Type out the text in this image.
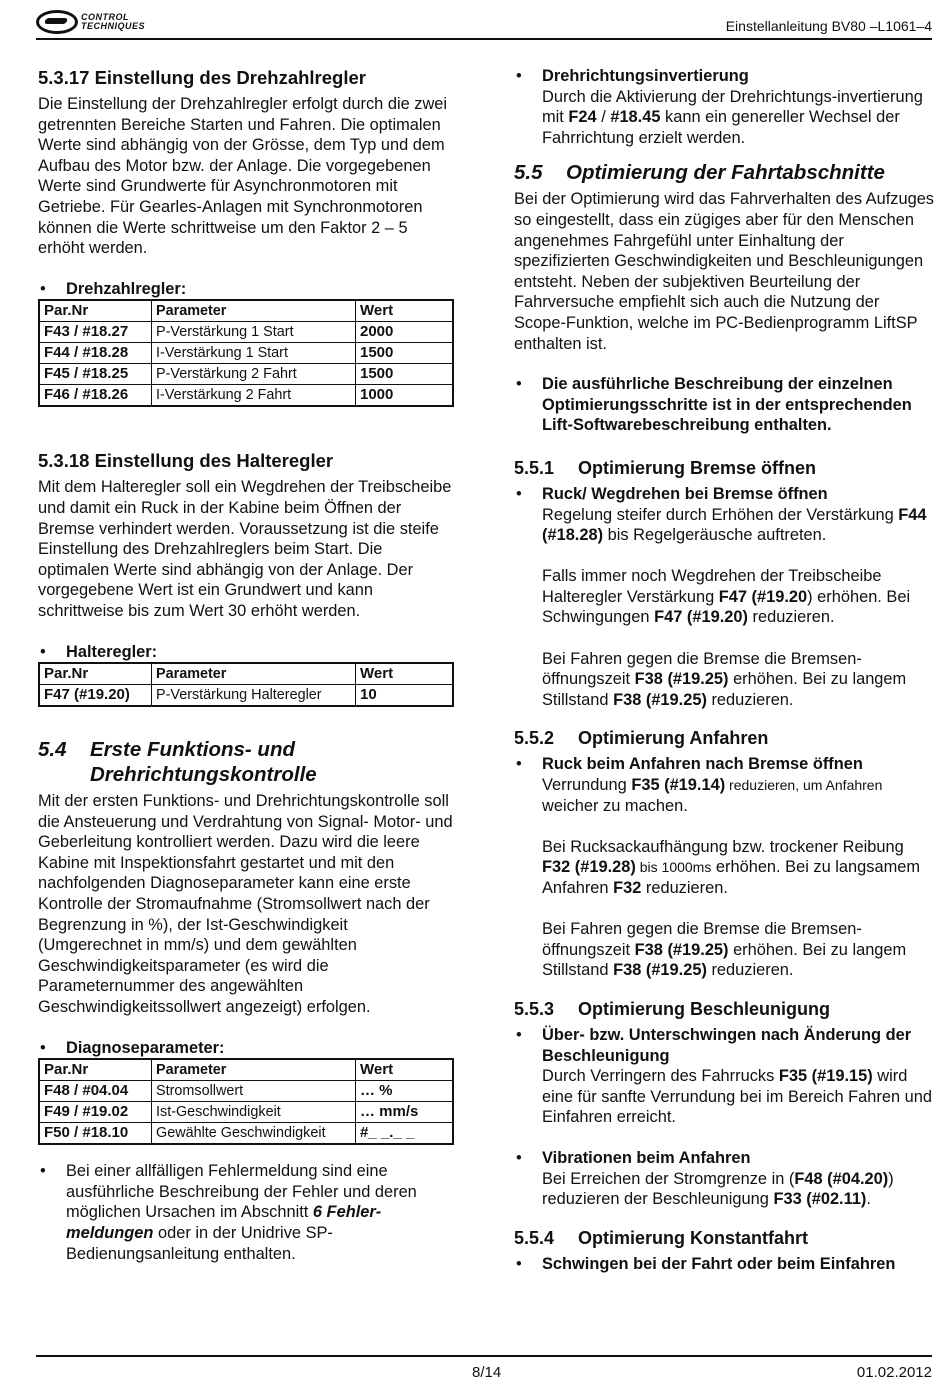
CONTROL
TECHNIQUES	Einstellanleitung BV80 –L1061–4
5.3.17 Einstellung des Drehzahlregler

Die Einstellung der Drehzahlregler erfolgt durch die zwei getrennten Bereiche Starten und Fahren. Die optimalen Werte sind abhängig von der Grösse, dem Typ und dem Aufbau des Motor bzw. der Anlage. Die vorgegebenen Werte sind Grundwerte für Asynchronmotoren mit Getriebe. Für Gearles-Anlagen mit Synchronmotoren können die Werte schrittweise um den Faktor 2 – 5 erhöht werden.

•	Drehzahlregler:
Par.Nr	Parameter	Wert
F43 / #18.27	P-Verstärkung 1 Start	2000
F44 / #18.28	I-Verstärkung 1 Start	1500
F45 / #18.25	P-Verstärkung 2 Fahrt	1500
F46 / #18.26	I-Verstärkung 2 Fahrt	1000
5.3.18 Einstellung des Halteregler

Mit dem Halteregler soll ein Wegdrehen der Treibscheibe und damit ein Ruck in der Kabine beim Öffnen der Bremse verhindert werden. Voraussetzung ist die steife Einstellung des Drehzahlreglers beim Start. Die optimalen Werte sind abhängig von der Anlage. Der vorgegebene Wert ist ein Grundwert und kann schrittweise bis zum Wert 30 erhöht werden.

•	Halteregler:
Par.Nr	Parameter	Wert
F47 (#19.20)	P-Verstärkung Halteregler	10
5.4	Erste Funktions- und Drehrichtungskontrolle

Mit der ersten Funktions- und Drehrichtungskontrolle soll die Ansteuerung und Verdrahtung von Signal- Motor- und Geberleitung kontrolliert werden. Dazu wird die leere Kabine mit Inspektionsfahrt gestartet und mit den nachfolgenden Diagnoseparameter kann eine erste Kontrolle der Stromaufnahme (Stromsollwert nach der Begrenzung in %), der Ist-Geschwindigkeit (Umgerechnet in mm/s) und dem gewählten Geschwindigkeitsparameter (es wird die Parameternummer des angewählten Geschwindigkeitssollwert angezeigt) erfolgen.

•	Diagnoseparameter:
Par.Nr	Parameter	Wert
F48 / #04.04	Stromsollwert	… %
F49 / #19.02	Ist-Geschwindigkeit	… mm/s
F50 / #18.10	Gewählte Geschwindigkeit	#_ _._ _
•	Bei einer allfälligen Fehlermeldung sind eine ausführliche Beschreibung der Fehler und deren möglichen Ursachen im Abschnitt 6 Fehler-meldungen oder in der Unidrive SP-Bedienungsanleitung enthalten.
•	Drehrichtungsinvertierung
Durch die Aktivierung der Drehrichtungs-invertierung mit F24 / #18.45 kann ein genereller Wechsel der Fahrrichtung erzielt werden.
5.5	Optimierung der Fahrtabschnitte

Bei der Optimierung wird das Fahrverhalten des Aufzuges so eingestellt, dass ein zügiges aber für den Menschen angenehmes Fahrgefühl unter Einhaltung der spezifizierten Geschwindigkeiten und Beschleunigungen entsteht. Neben der subjektiven Beurteilung der Fahrversuche empfiehlt sich auch die Nutzung der Scope-Funktion, welche im PC-Bedienprogramm LiftSP enthalten ist.

•	Die ausführliche Beschreibung der einzelnen Optimierungsschritte ist in der entsprechenden Lift-Softwarebeschreibung enthalten.
5.5.1	Optimierung Bremse öffnen
•	Ruck/ Wegdrehen bei Bremse öffnen
Regelung steifer durch Erhöhen der Verstärkung F44 (#18.28) bis Regelgeräusche auftreten.
Falls immer noch Wegdrehen der Treibscheibe Halteregler Verstärkung F47 (#19.20) erhöhen. Bei Schwingungen F47 (#19.20) reduzieren.
Bei Fahren gegen die Bremse die Bremsen-öffnungszeit F38 (#19.25) erhöhen. Bei zu langem Stillstand F38 (#19.25) reduzieren.
5.5.2	Optimierung Anfahren
•	Ruck beim Anfahren nach Bremse öffnen
Verrundung F35 (#19.14) reduzieren, um Anfahren weicher zu machen.
Bei Rucksackaufhängung bzw. trockener Reibung F32 (#19.28) bis 1000ms erhöhen. Bei zu langsamem Anfahren F32 reduzieren.
Bei Fahren gegen die Bremse die Bremsen-öffnungszeit F38 (#19.25) erhöhen. Bei zu langem Stillstand F38 (#19.25) reduzieren.
5.5.3	Optimierung Beschleunigung
•	Über- bzw. Unterschwingen nach Änderung der Beschleunigung
Durch Verringern des Fahrrucks F35 (#19.15) wird eine für sanfte Verrundung bei im Bereich Fahren und Einfahren erreicht.
•	Vibrationen beim Anfahren
Bei Erreichen der Stromgrenze in (F48 (#04.20)) reduzieren der Beschleunigung F33 (#02.11).
5.5.4	Optimierung Konstantfahrt
•	Schwingen bei der Fahrt oder beim Einfahren
8/14	01.02.2012
